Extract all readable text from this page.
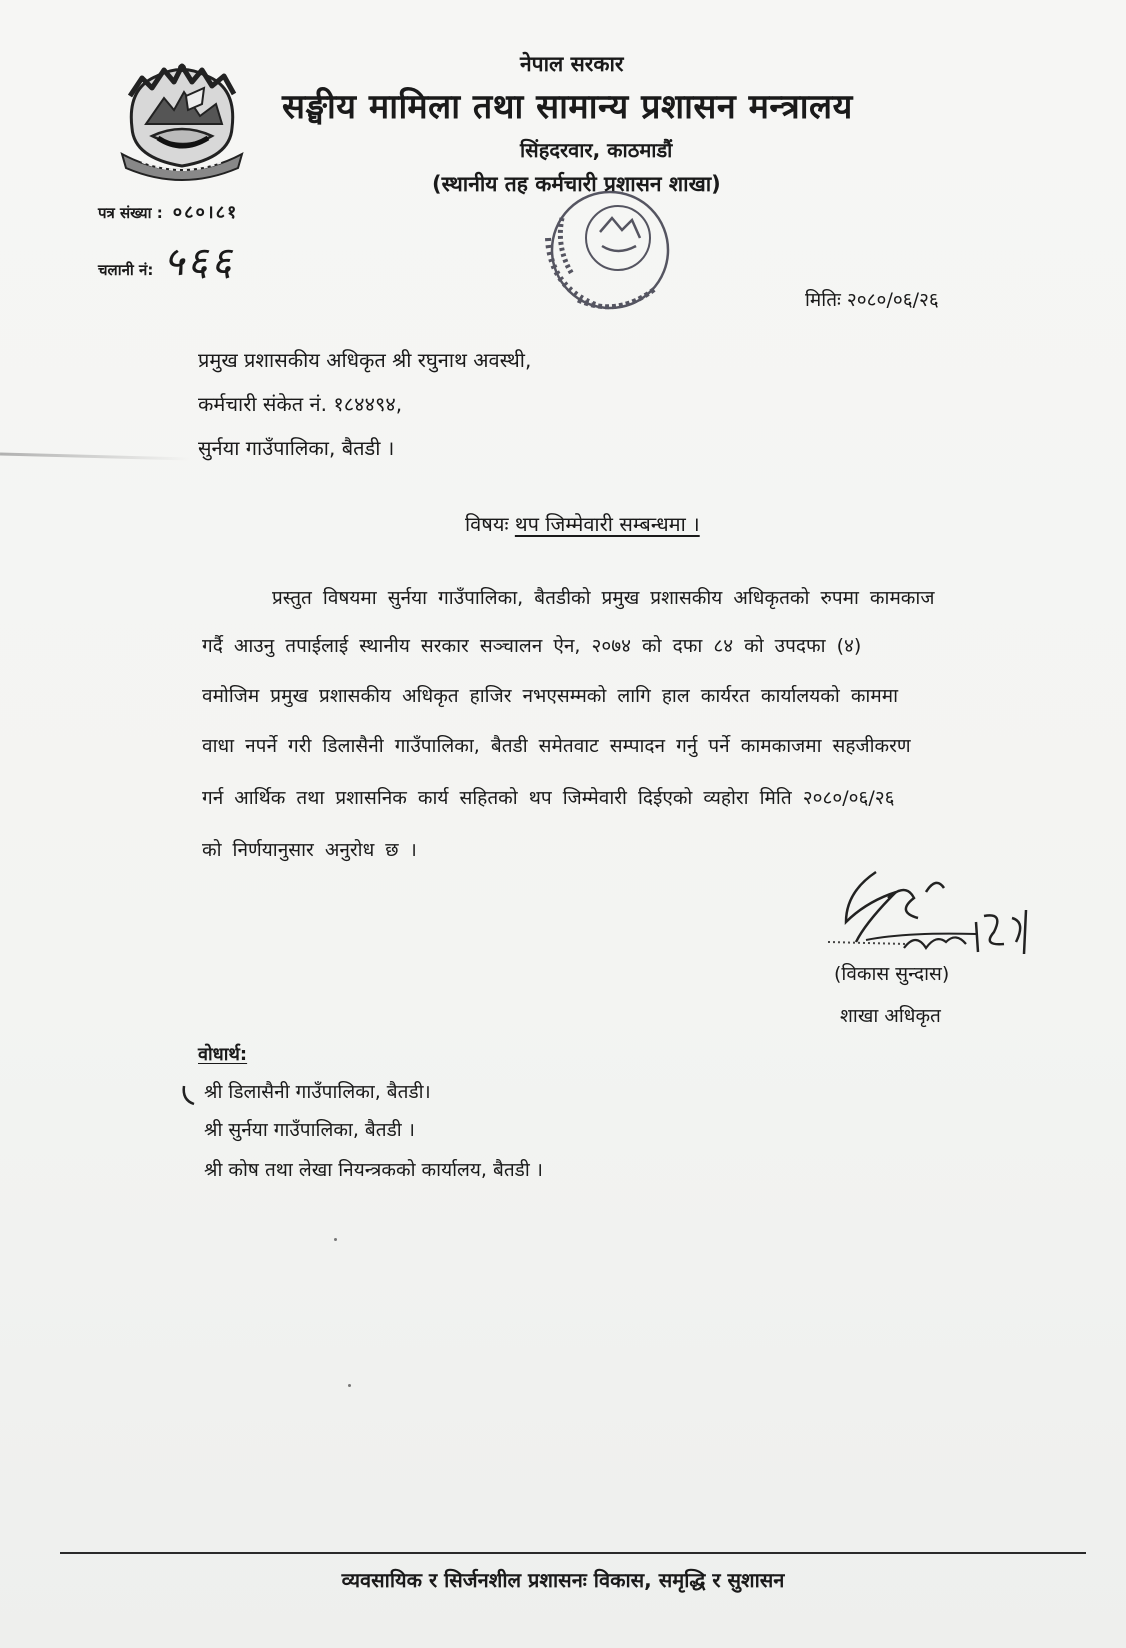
नेपाल सरकार
सङ्घीय मामिला तथा सामान्य प्रशासन मन्त्रालय
सिंहदरवार, काठमाडौं
(स्थानीय तह कर्मचारी प्रशासन शाखा)
पत्र संख्या : ०८०।८१
चलानी नं: ५६६
मितिः २०८०/०६/२६
प्रमुख प्रशासकीय अधिकृत श्री रघुनाथ अवस्थी,
कर्मचारी संकेत नं. १८४४९४,
सुर्नया गाउँपालिका, बैतडी ।
विषयः थप जिम्मेवारी सम्बन्धमा ।
प्रस्तुत विषयमा सुर्नया गाउँपालिका, बैतडीको प्रमुख प्रशासकीय अधिकृतको रुपमा कामकाज
गर्दै आउनु तपाईलाई स्थानीय सरकार सञ्चालन ऐन, २०७४ को दफा ८४ को उपदफा (४)
वमोजिम प्रमुख प्रशासकीय अधिकृत हाजिर नभएसम्मको लागि हाल कार्यरत कार्यालयको काममा
वाधा नपर्ने गरी डिलासैनी गाउँपालिका, बैतडी समेतवाट सम्पादन गर्नु पर्ने कामकाजमा सहजीकरण
गर्न आर्थिक तथा प्रशासनिक कार्य सहितको थप जिम्मेवारी दिईएको व्यहोरा मिति २०८०/०६/२६
को निर्णयानुसार अनुरोध छ ।
(विकास सुन्दास)
शाखा अधिकृत
वोधार्थ:
श्री डिलासैनी गाउँपालिका, बैतडी।
श्री सुर्नया गाउँपालिका, बैतडी ।
श्री कोष तथा लेखा नियन्त्रकको कार्यालय, बैतडी ।
व्यवसायिक र सिर्जनशील प्रशासनः विकास, समृद्धि र सुशासन
